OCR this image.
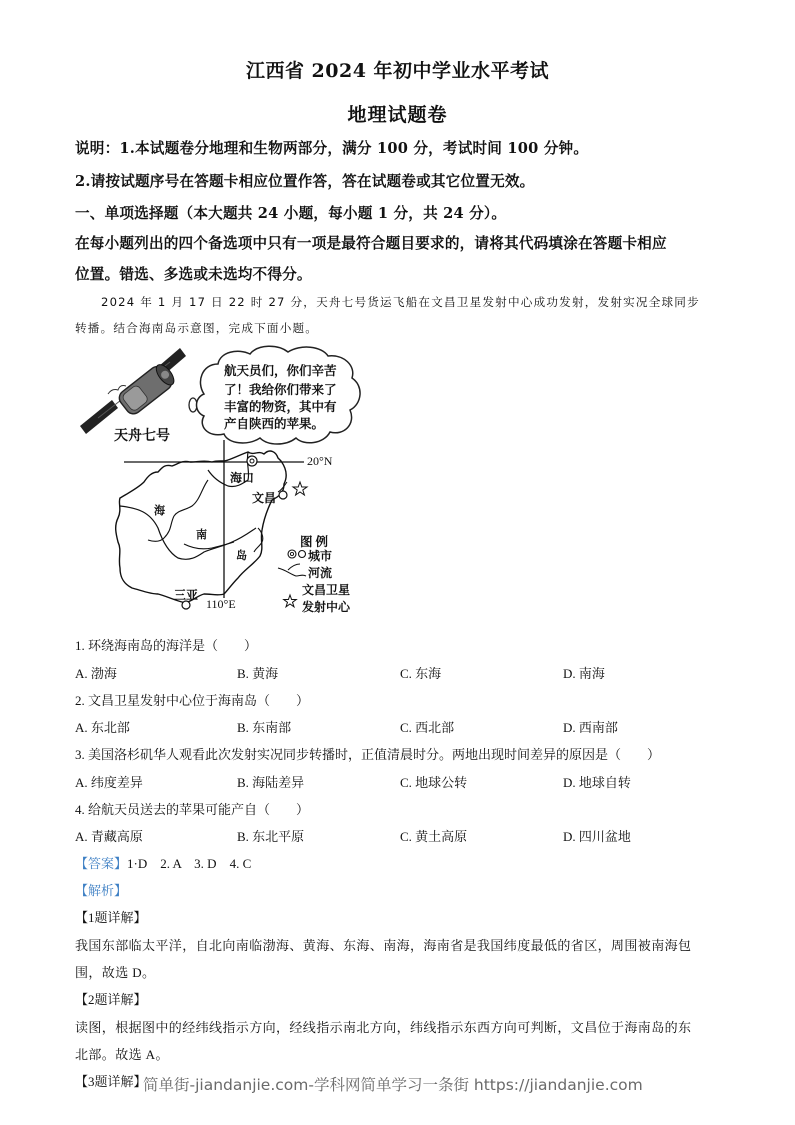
江西省 2024 年初中学业水平考试
地理试题卷
说明：1.本试题卷分地理和生物两部分，满分 100 分，考试时间 100 分钟。
2.请按试题序号在答题卡相应位置作答，答在试题卷或其它位置无效。
一、单项选择题（本大题共 24 小题，每小题 1 分，共 24 分）。
在每小题列出的四个备选项中只有一项是最符合题目要求的，请将其代码填涂在答题卡相应
位置。错选、多选或未选均不得分。
2024 年 1 月 17 日 22 时 27 分，天舟七号货运飞船在文昌卫星发射中心成功发射，发射实况全球同步
转播。结合海南岛示意图，完成下面小题。
天舟七号
航天员们，你们辛苦
了！我给你们带来了
丰富的物资，其中有
产自陕西的苹果。
20°N
110°E
海口
文昌
三亚
海
南
岛
图例
城市
河流
文昌卫星
发射中心
1. 环绕海南岛的海洋是（　　）
A. 渤海	B. 黄海	C. 东海	D. 南海
2. 文昌卫星发射中心位于海南岛（　　）
A. 东北部	B. 东南部	C. 西北部	D. 西南部
3. 美国洛杉矶华人观看此次发射实况同步转播时，正值清晨时分。两地出现时间差异的原因是（　　）
A. 纬度差异	B. 海陆差异	C. 地球公转	D. 地球自转
4. 给航天员送去的苹果可能产自（　　）
A. 青藏高原	B. 东北平原	C. 黄土高原	D. 四川盆地
【答案】1·D　2. A　3. D　4. C
【解析】
【1题详解】
我国东部临太平洋，自北向南临渤海、黄海、东海、南海，海南省是我国纬度最低的省区，周围被南海包
围，故选 D。
【2题详解】
读图，根据图中的经纬线指示方向，经线指示南北方向，纬线指示东西方向可判断，文昌位于海南岛的东
北部。故选 A。
【3题详解】
简单街-jiandanjie.com-学科网简单学习一条街 https://jiandanjie.com
